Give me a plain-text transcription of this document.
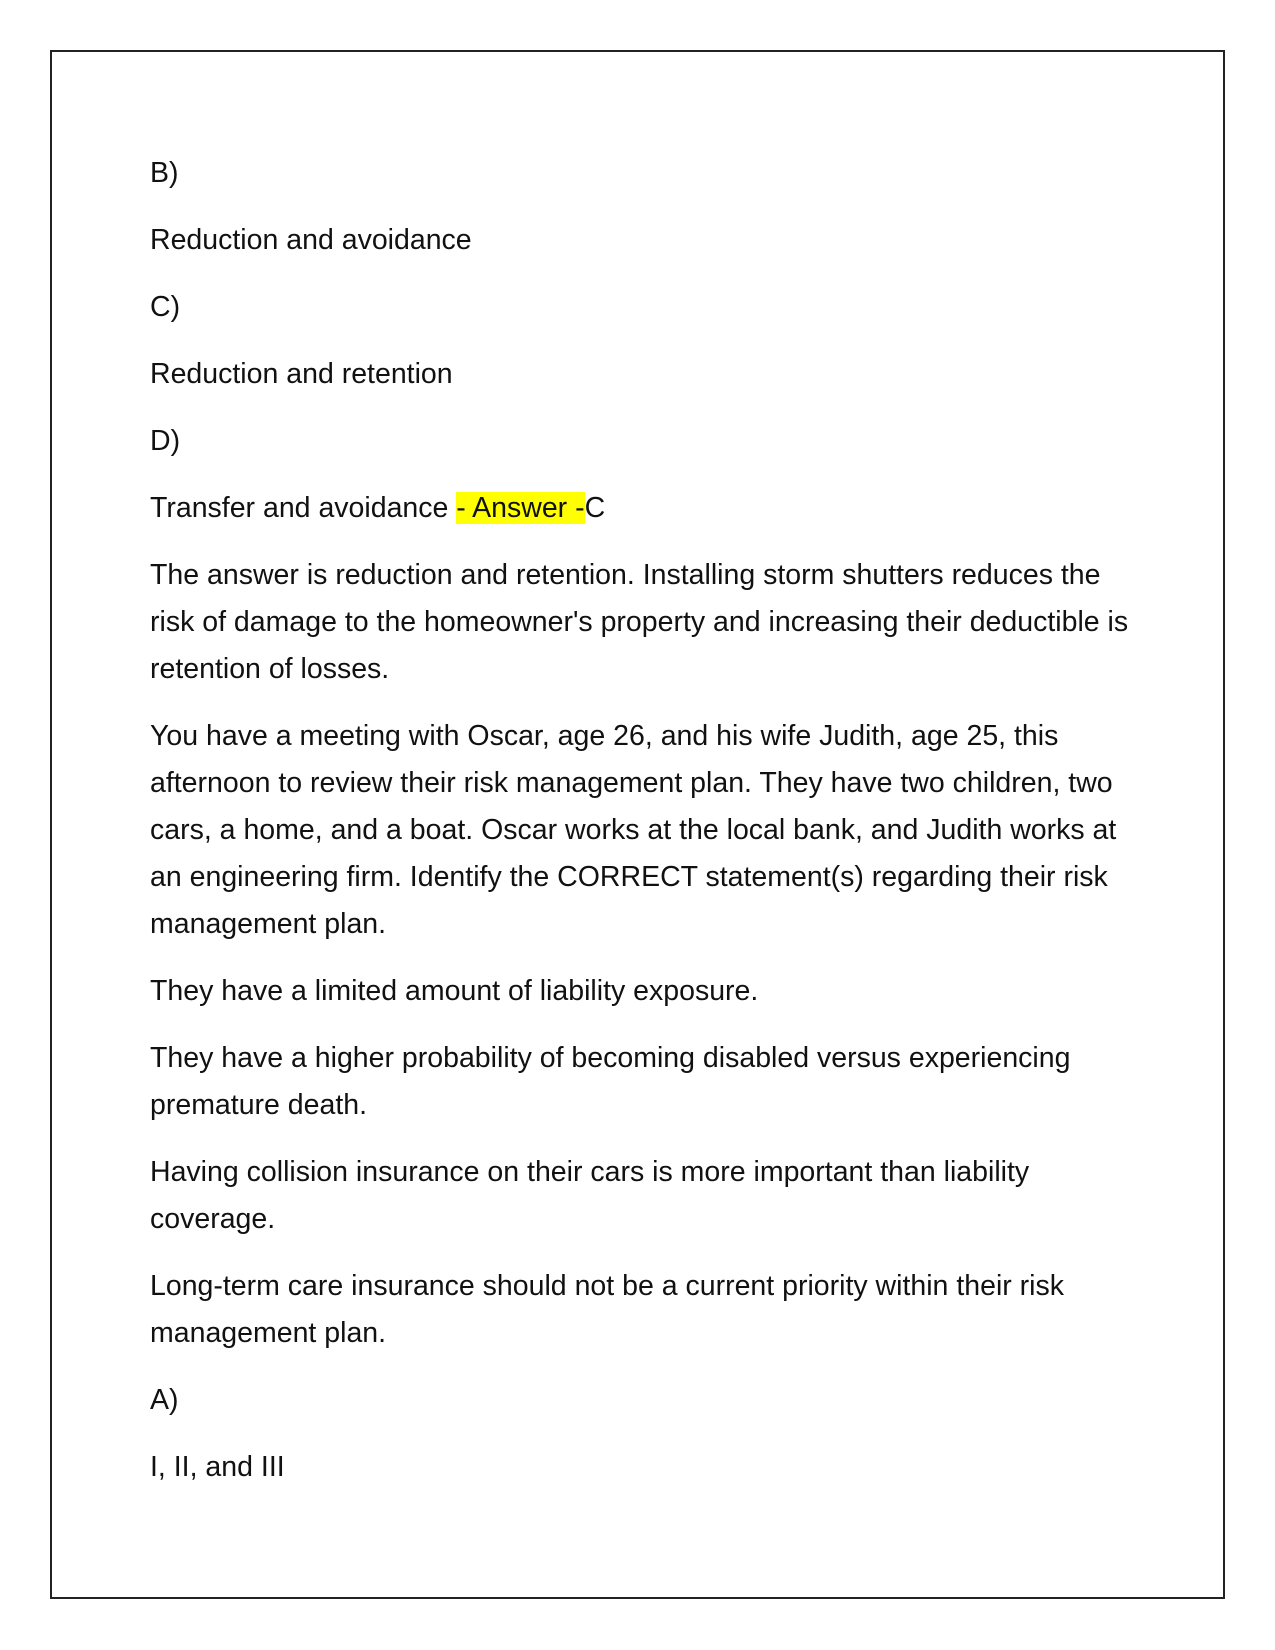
B)

Reduction and avoidance

C)

Reduction and retention

D)

Transfer and avoidance - Answer -C

The answer is reduction and retention. Installing storm shutters reduces the risk of damage to the homeowner's property and increasing their deductible is retention of losses.

You have a meeting with Oscar, age 26, and his wife Judith, age 25, this afternoon to review their risk management plan. They have two children, two cars, a home, and a boat. Oscar works at the local bank, and Judith works at an engineering firm. Identify the CORRECT statement(s) regarding their risk management plan.

They have a limited amount of liability exposure.

They have a higher probability of becoming disabled versus experiencing premature death.

Having collision insurance on their cars is more important than liability coverage.

Long-term care insurance should not be a current priority within their risk management plan.

A)

I, II, and III
